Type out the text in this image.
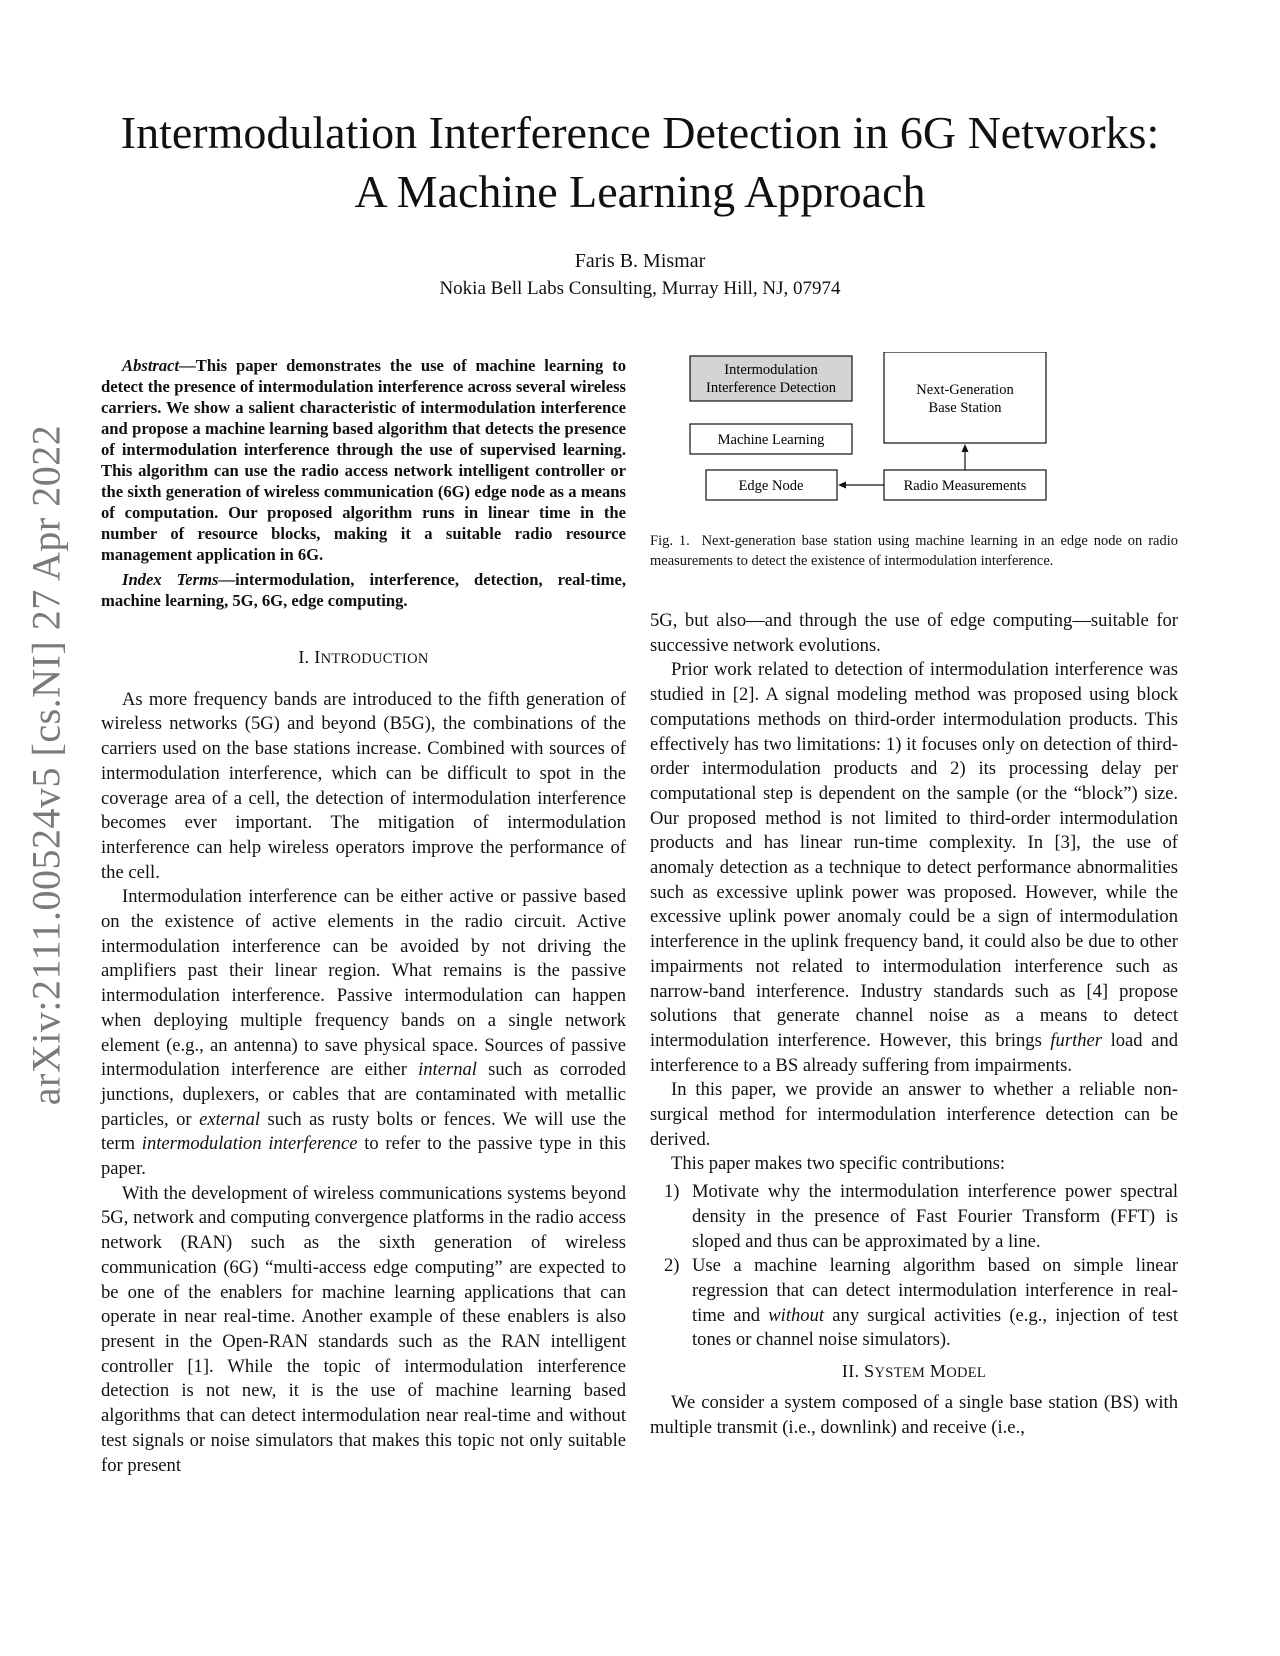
arXiv:2111.00524v5 [cs.NI] 27 Apr 2022
Intermodulation Interference Detection in 6G Networks: A Machine Learning Approach
Faris B. Mismar
Nokia Bell Labs Consulting, Murray Hill, NJ, 07974

Abstract—This paper demonstrates the use of machine learning to detect the presence of intermodulation interference across several wireless carriers. We show a salient characteristic of intermodulation interference and propose a machine learning based algorithm that detects the presence of intermodulation interference through the use of supervised learning. This algorithm can use the radio access network intelligent controller or the sixth generation of wireless communication (6G) edge node as a means of computation. Our proposed algorithm runs in linear time in the number of resource blocks, making it a suitable radio resource management application in 6G.

Index Terms—intermodulation, interference, detection, real-time, machine learning, 5G, 6G, edge computing.

I. INTRODUCTION

As more frequency bands are introduced to the fifth generation of wireless networks (5G) and beyond (B5G), the combinations of the carriers used on the base stations increase. Combined with sources of intermodulation interference, which can be difficult to spot in the coverage area of a cell, the detection of intermodulation interference becomes ever important. The mitigation of intermodulation interference can help wireless operators improve the performance of the cell.

Intermodulation interference can be either active or passive based on the existence of active elements in the radio circuit. Active intermodulation interference can be avoided by not driving the amplifiers past their linear region. What remains is the passive intermodulation interference. Passive intermodulation can happen when deploying multiple frequency bands on a single network element (e.g., an antenna) to save physical space. Sources of passive intermodulation interference are either internal such as corroded junctions, duplexers, or cables that are contaminated with metallic particles, or external such as rusty bolts or fences. We will use the term intermodulation interference to refer to the passive type in this paper.

With the development of wireless communications systems beyond 5G, network and computing convergence platforms in the radio access network (RAN) such as the sixth generation of wireless communication (6G) “multi-access edge computing” are expected to be one of the enablers for machine learning applications that can operate in near real-time. Another example of these enablers is also present in the Open-RAN standards such as the RAN intelligent controller [1]. While the topic of intermodulation interference detection is not new, it is the use of machine learning based algorithms that can detect intermodulation near real-time and without test signals or noise simulators that makes this topic not only suitable for present

Intermodulation
Interference Detection
Machine Learning
Edge Node
Next-Generation
Base Station
Radio Measurements
Fig. 1. Next-generation base station using machine learning in an edge node on radio measurements to detect the existence of intermodulation interference.

5G, but also—and through the use of edge computing—suitable for successive network evolutions.

Prior work related to detection of intermodulation interference was studied in [2]. A signal modeling method was proposed using block computations methods on third-order intermodulation products. This effectively has two limitations: 1) it focuses only on detection of third-order intermodulation products and 2) its processing delay per computational step is dependent on the sample (or the “block”) size. Our proposed method is not limited to third-order intermodulation products and has linear run-time complexity. In [3], the use of anomaly detection as a technique to detect performance abnormalities such as excessive uplink power was proposed. However, while the excessive uplink power anomaly could be a sign of intermodulation interference in the uplink frequency band, it could also be due to other impairments not related to intermodulation interference such as narrow-band interference. Industry standards such as [4] propose solutions that generate channel noise as a means to detect intermodulation interference. However, this brings further load and interference to a BS already suffering from impairments.

In this paper, we provide an answer to whether a reliable non-surgical method for intermodulation interference detection can be derived.

This paper makes two specific contributions:

1) Motivate why the intermodulation interference power spectral density in the presence of Fast Fourier Transform (FFT) is sloped and thus can be approximated by a line.
2) Use a machine learning algorithm based on simple linear regression that can detect intermodulation interference in real-time and without any surgical activities (e.g., injection of test tones or channel noise simulators).
II. SYSTEM MODEL

We consider a system composed of a single base station (BS) with multiple transmit (i.e., downlink) and receive (i.e.,
